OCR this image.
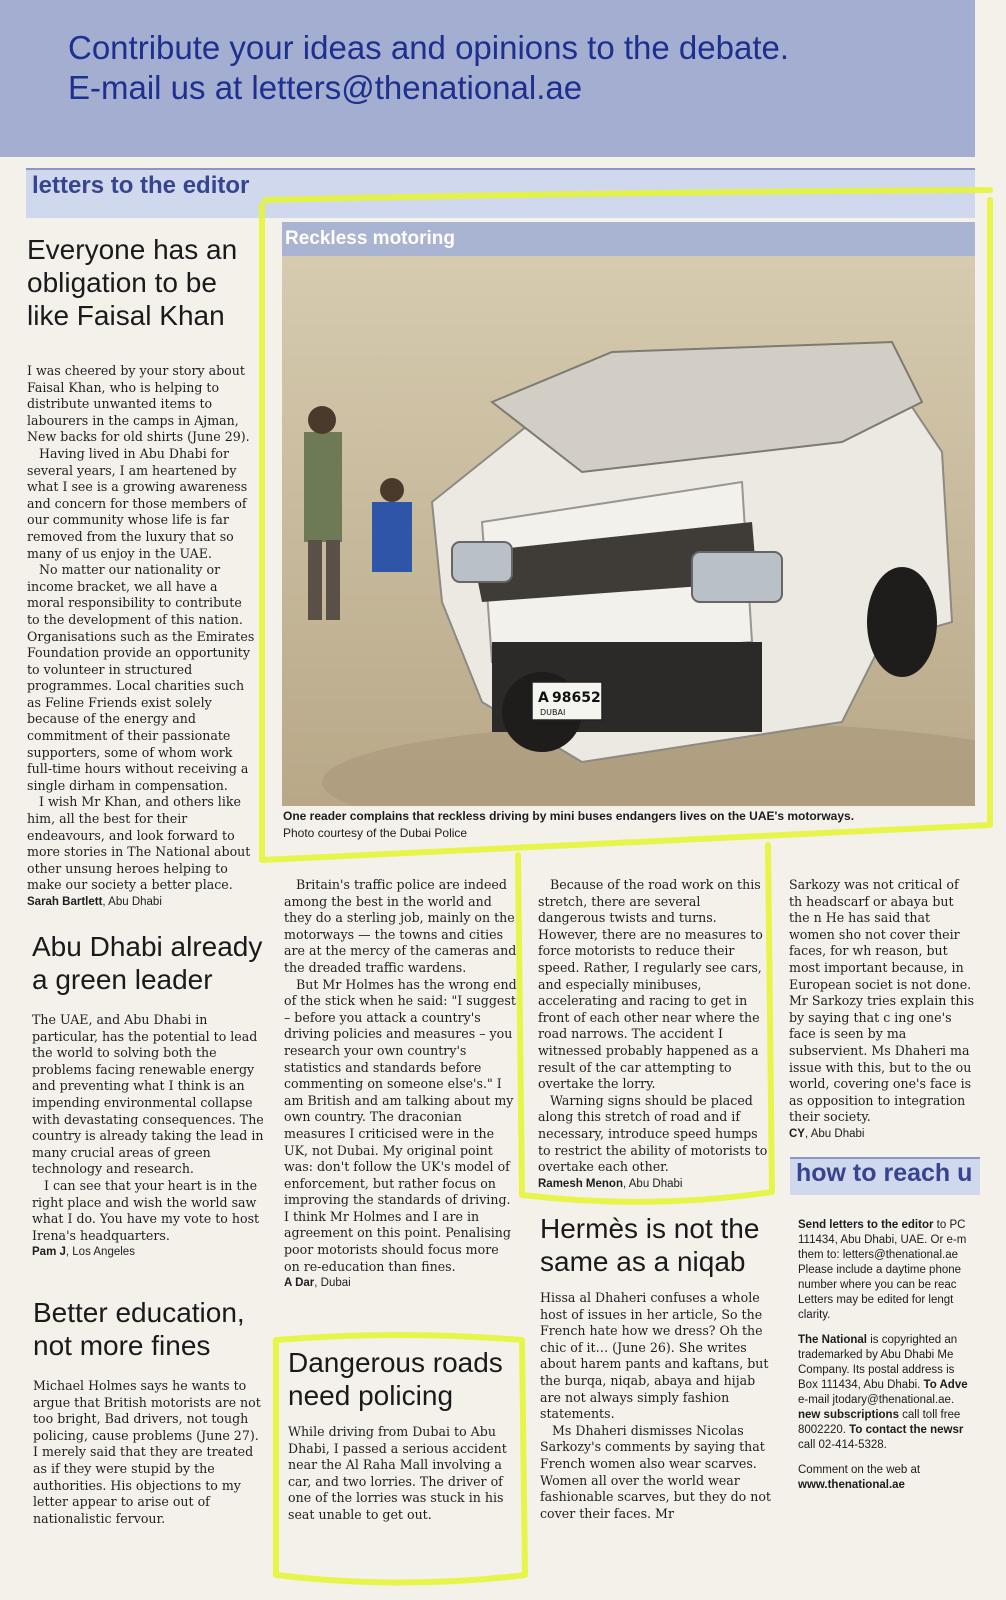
Contribute your ideas and opinions to the debate.
E-mail us at letters@thenational.ae
letters to the editor
Everyone has an
obligation to be
like Faisal Khan

I was cheered by your story about Faisal Khan, who is helping to distribute unwanted items to labourers in the camps in Ajman, New backs for old shirts (June 29).

Having lived in Abu Dhabi for several years, I am heartened by what I see is a growing awareness and concern for those members of our community whose life is far removed from the luxury that so many of us enjoy in the UAE.

No matter our nationality or income bracket, we all have a moral responsibility to contribute to the development of this nation. Organisations such as the Emirates Foundation provide an opportunity to volunteer in structured programmes. Local charities such as Feline Friends exist solely because of the energy and commitment of their passionate supporters, some of whom work full-time hours without receiving a single dirham in compensation.

I wish Mr Khan, and others like him, all the best for their endeavours, and look forward to more stories in The National about other unsung heroes helping to make our society a better place.

Sarah Bartlett, Abu Dhabi
Abu Dhabi already
a green leader

The UAE, and Abu Dhabi in particular, has the potential to lead the world to solving both the problems facing renewable energy and preventing what I think is an impending environmental collapse with devastating consequences. The country is already taking the lead in many crucial areas of green technology and research.

I can see that your heart is in the right place and wish the world saw what I do. You have my vote to host Irena's headquarters.

Pam J, Los Angeles
Better education,
not more fines

Michael Holmes says he wants to argue that British motorists are not too bright, Bad drivers, not tough policing, cause problems (June 27). I merely said that they are treated as if they were stupid by the authorities. His objections to my letter appear to arise out of nationalistic fervour.

Britain's traffic police are indeed among the best in the world and they do a sterling job, mainly on the motorways — the towns and cities are at the mercy of the cameras and the dreaded traffic wardens.

But Mr Holmes has the wrong end of the stick when he said: "I suggest – before you attack a country's driving policies and measures – you research your own country's statistics and standards before commenting on someone else's." I am British and am talking about my own country. The draconian measures I criticised were in the UK, not Dubai. My original point was: don't follow the UK's model of enforcement, but rather focus on improving the standards of driving. I think Mr Holmes and I are in agreement on this point. Penalising poor motorists should focus more on re-education than fines.

A Dar, Dubai
Dangerous roads
need policing

While driving from Dubai to Abu Dhabi, I passed a serious accident near the Al Raha Mall involving a car, and two lorries. The driver of one of the lorries was stuck in his seat unable to get out.

Because of the road work on this stretch, there are several dangerous twists and turns. However, there are no measures to force motorists to reduce their speed. Rather, I regularly see cars, and especially minibuses, accelerating and racing to get in front of each other near where the road narrows. The accident I witnessed probably happened as a result of the car attempting to overtake the lorry.

Warning signs should be placed along this stretch of road and if necessary, introduce speed humps to restrict the ability of motorists to overtake each other.

Ramesh Menon, Abu Dhabi
Hermès is not the
same as a niqab

Hissa al Dhaheri confuses a whole host of issues in her article, So the French hate how we dress? Oh the chic of it… (June 26). She writes about harem pants and kaftans, but the burqa, niqab, abaya and hijab are not always simply fashion statements.

Ms Dhaheri dismisses Nicolas Sarkozy's comments by saying that French women also wear scarves. Women all over the world wear fashionable scarves, but they do not cover their faces. Mr

Sarkozy was not critical of th headscarf or abaya but the n He has said that women sho not cover their faces, for wh reason, but most important because, in European societ is not done. Mr Sarkozy tries explain this by saying that c ing one's face is seen by ma subservient. Ms Dhaheri ma issue with this, but to the ou world, covering one's face is as opposition to integration their society.

CY, Abu Dhabi
A 98652
DUBAI
Reckless motoring
One reader complains that reckless driving by mini buses endangers lives on the UAE's motorways.
Photo courtesy of the Dubai Police
how to reach u

Send letters to the editor to PC
111434, Abu Dhabi, UAE. Or e-m
them to: letters@thenational.ae
Please include a daytime phone
number where you can be reac
Letters may be edited for lengt
clarity.

The National is copyrighted an
trademarked by Abu Dhabi Me
Company. Its postal address is
Box 111434, Abu Dhabi. To Adve
e-mail jtodary@thenational.ae.
new subscriptions call toll free
8002220. To contact the newsr
call 02-414-5328.

Comment on the web at
www.thenational.ae
